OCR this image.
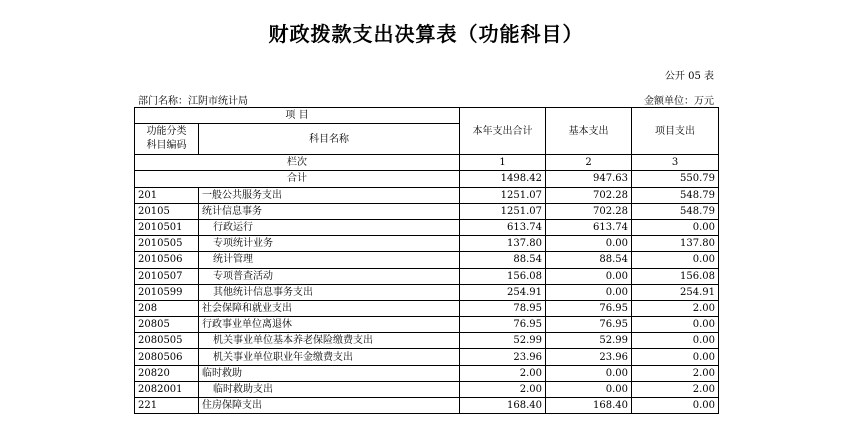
财政拨款支出决算表（功能科目）
公开 05 表
部门名称：江阴市统计局	金额单位：万元
项 目		本年支出合计	基本支出	项目支出

功能分类
科目编码	科目名称			
栏次		1	2	3
合计		1498.42	947.63	550.79
201	一般公共服务支出	1251.07	702.28	548.79
20105	统计信息事务	1251.07	702.28	548.79
2010501	行政运行	613.74	613.74	0.00
2010505	专项统计业务	137.80	0.00	137.80
2010506	统计管理	88.54	88.54	0.00
2010507	专项普查活动	156.08	0.00	156.08
2010599	其他统计信息事务支出	254.91	0.00	254.91
208	社会保障和就业支出	78.95	76.95	2.00
20805	行政事业单位离退休	76.95	76.95	0.00
2080505	机关事业单位基本养老保险缴费支出	52.99	52.99	0.00
2080506	机关事业单位职业年金缴费支出	23.96	23.96	0.00
20820	临时救助	2.00	0.00	2.00
2082001	临时救助支出	2.00	0.00	2.00
221	住房保障支出	168.40	168.40	0.00
